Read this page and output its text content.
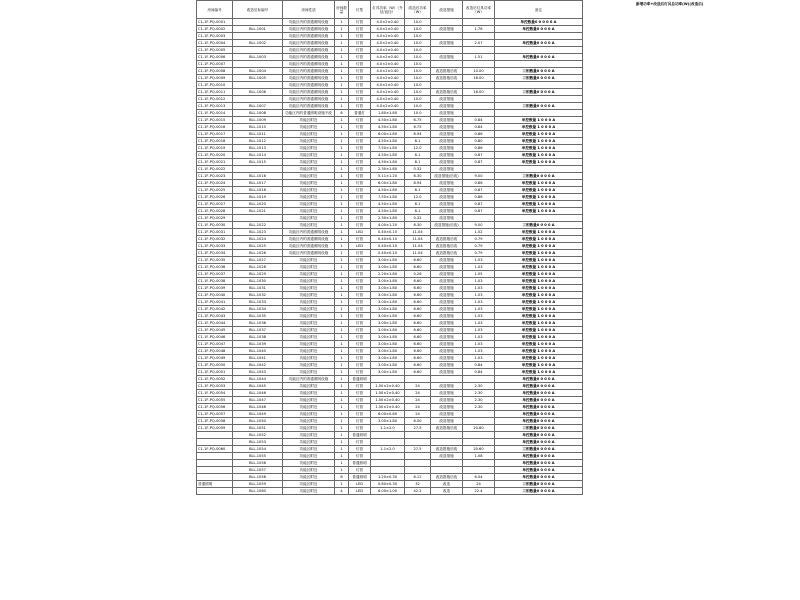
房间编号	改造后标编号	房间性质	房间数量	灯型	灯具功率（W）（外径/直径）	改造后功率（W）	改造措施	改造后灯具功率（W）	备注
C1-1F-PQ-0001		功能区内的普通照明设施	1	灯管	4.0×2×0.40	10.0			单控数量0 0 0 0 0 A
C1-1F-PQ-0002	BLL-1001	功能区内的普通照明设施	1	灯管	4.0×2×0.40	10.0	改造措施	1.76	单控数量0 0 0 0 A
C1-1F-PQ-0003		功能区内的普通照明设施	1	灯管	4.0×2×0.40	10.0			
C1-1F-PQ-0004	BLL-1002	功能区内的普通照明设施	1	灯管	4.0×2×0.40	10.0	改造措施	2.07	单控数量0 0 0 0 A
C1-1F-PQ-0005		功能区内的普通照明设施	1	灯管	4.0×2×0.40	10.0			
C1-1F-PQ-0006	BLL-1003	功能区内的普通照明设施	1	灯管	4.0×2×0.40	10.0	改造措施	1.51	单控数量0 0 0 0 A
C1-1F-PQ-0007		功能区内的普通照明设施	1	灯管	4.0×2×0.40	10.0			
C1-1F-PQ-0008	BLL-1004	功能区内的普通照明设施	1	灯管	4.0×2×0.40	10.0	改造措施后改	10.00	三相数量0 0 0 0 A
C1-1F-PQ-0009	BLL-1005	功能区内的普通照明设施	1	灯管	4.0×2×0.40	10.0	改造措施后改	18.00	三相数量0 0 0 0 A
C1-1F-PQ-0010		功能区内的普通照明设施	1	灯管	4.0×2×0.40	10.0			
C1-1F-PQ-0011	BLL-1006	功能区内的普通照明设施	1	灯管	4.0×2×0.40	10.0	改造措施后改	16.00	三相数量0 0 0 0 A
C1-1F-PQ-0012		功能区内的普通照明设施	1	灯管	4.0×2×0.40	10.0	改造措施		
C1-1F-PQ-0013	BLL-1007	功能区内的普通照明设施	1	灯管	4.0×2×0.40	10.0	改造措施		三相数量0 0 0 0 A
C1-1F-PQ-0014	BLL-1008	功能区内的普通照明设施不改	6	普通灯	1.80×1.80	10.0	改造措施		
C1-1F-PQ-0015	BLL-1009	功能区附近	1	灯管	4.50×1.80	6.75	改造措施	0.84	单控数量 1 0 0 0 A
C1-1F-PQ-0016	BLL-1010	功能区附近	1	灯管	4.50×1.80	6.75	改造措施	0.84	单控数量 1 0 0 0 A
C1-1F-PQ-0017	BLL-1011	功能区附近	1	灯管	6.00×1.80	8.94	改造措施	0.86	单控数量 1 0 0 0 A
C1-1F-PQ-0018	BLL-1012	功能区附近	1	灯管	4.50×1.80	8.1	改造措施	0.80	单控数量 1 0 0 0 A
C1-1F-PQ-0019	BLL-1013	功能区附近	1	灯管	7.50×1.80	12.0	改造措施	0.86	单控数量 1 0 0 0 A
C1-1F-PQ-0020	BLL-1014	功能区附近	1	灯管	4.50×1.80	8.1	改造措施	0.87	单控数量 1 0 0 0 A
C1-1F-PQ-0021	BLL-1015	功能区附近	1	灯管	4.50×1.80	8.1	改造措施	0.87	单控数量 1 0 0 0 A
C1-1F-PQ-0022		功能区附近	1	灯管	2.30×1.80	0.32	改造措施		
C1-1F-PQ-0023	BLL-1016	功能区附近	1	灯管	5.11×1.20	6.30	改造措施(后改)	9.00	三相数量0 0 0 0 A
C1-1F-PQ-0024	BLL-1017	功能区附近	1	灯管	6.00×1.80	8.94	改造措施	0.86	单控数量 1 0 0 0 A
C1-1F-PQ-0025	BLL-1018	功能区附近	1	灯管	4.50×1.80	8.1	改造措施	0.87	单控数量 1 0 0 0 A
C1-1F-PQ-0026	BLL-1019	功能区附近	1	灯管	7.50×1.80	12.0	改造措施	0.86	单控数量 1 0 0 0 A
C1-1F-PQ-0027	BLL-1020	功能区附近	1	灯管	4.50×1.80	8.1	改造措施	0.87	单控数量 1 0 0 0 A
C1-1F-PQ-0028	BLL-1021	功能区附近	1	灯管	4.50×1.80	8.1	改造措施	0.87	单控数量 1 0 0 0 A
C1-1F-PQ-0029		功能区附近	1	灯管	2.30×1.80	0.32	改造措施		
C1-1F-PQ-0030	BLL-1022	功能区附近	1	灯管	4.00×1.20	6.30	改造措施(后改)	9.00	三相数量0 0 0 0 A
C1-1F-PQ-0031	BLL-1023	功能区内的普通照明设施	1	LED	0.40×0.10	11.04		1.02	单控数量 1 0 0 0 A
C1-1F-PQ-0032	BLL-1024	功能区内的普通照明设施	1	灯管	0.40×0.10	11.04	改造措施后改	0.79	单控数量 1 0 0 0 A
C1-1F-PQ-0033	BLL-1025	功能区内的普通照明设施	1	LED	0.40×0.10	11.04	改造措施后改	0.79	单控数量 1 0 0 0 A
C1-1F-PQ-0034	BLL-1026	功能区内的普通照明设施	1	灯管	0.40×0.10	11.04	改造措施后改	0.79	单控数量 1 0 0 0 A
C1-1F-PQ-0035	BLL-1027	功能区附近	1	灯管	3.00×1.80	6.60	改造措施	1.03	单控数量 1 0 0 0 A
C1-1F-PQ-0036	BLL-1028	功能区附近	1	灯管	3.00×1.80	6.60	改造措施	1.03	单控数量 1 0 0 0 A
C1-1F-PQ-0037	BLL-1029	功能区附近	1	灯管	2.20×1.80	0.26	改造措施	1.05	单控数量 1 0 0 0 A
C1-1F-PQ-0038	BLL-1030	功能区附近	1	灯管	3.00×1.80	6.60	改造措施	1.03	单控数量 1 0 0 0 A
C1-1F-PQ-0039	BLL-1031	功能区附近	1	灯管	3.00×1.80	6.60	改造措施	1.03	单控数量 1 0 0 0 A
C1-1F-PQ-0040	BLL-1032	功能区附近	1	灯管	3.00×1.80	6.60	改造措施	1.03	单控数量 1 0 0 0 A
C1-1F-PQ-0041	BLL-1033	功能区附近	1	灯管	3.00×1.80	6.60	改造措施	1.03	单控数量 1 0 0 0 A
C1-1F-PQ-0042	BLL-1034	功能区附近	1	灯管	3.00×1.80	6.60	改造措施	1.03	单控数量 1 0 0 0 A
C1-1F-PQ-0043	BLL-1035	功能区附近	1	灯管	3.00×1.80	6.60	改造措施	1.03	单控数量 1 0 0 0 A
C1-1F-PQ-0044	BLL-1036	功能区附近	1	灯管	3.00×1.80	6.60	改造措施	1.03	单控数量 1 0 0 0 A
C1-1F-PQ-0045	BLL-1037	功能区附近	1	灯管	3.00×1.80	6.60	改造措施	1.03	单控数量 1 0 0 0 A
C1-1F-PQ-0046	BLL-1038	功能区附近	1	灯管	3.00×1.80	6.60	改造措施	1.03	单控数量 1 0 0 0 A
C1-1F-PQ-0047	BLL-1039	功能区附近	1	灯管	3.00×1.80	6.60	改造措施	1.03	单控数量 1 0 0 0 A
C1-1F-PQ-0048	BLL-1040	功能区附近	1	灯管	3.00×1.80	6.60	改造措施	1.03	单控数量 1 0 0 0 A
C1-1F-PQ-0049	BLL-1041	功能区附近	1	灯管	3.00×1.80	6.60	改造措施	1.03	单控数量 1 0 0 0 A
C1-1F-PQ-0050	BLL-1042	功能区附近	1	灯管	3.00×1.80	6.60	改造措施	0.84	单控数量 1 0 0 0 A
C1-1F-PQ-0051	BLL-1043	功能区附近	1	灯管	3.00×1.80	6.60	改造措施	0.84	单控数量 1 0 0 0 A
C1-1F-PQ-0052	BLL-1044	功能区内的普通照明设施	1	普通照明					单控数量0 0 0 0 A
C1-1F-PQ-0053	BLL-1045	功能区附近	1	灯管	1.50×2×0.40	24	改造措施	2.30	单控数量0 0 0 0 A
C1-1F-PQ-0054	BLL-1046	功能区附近	1	灯管	1.50×2×0.40	24	改造措施	2.30	单控数量0 0 0 0 A
C1-1F-PQ-0055	BLL-1047	功能区附近	1	灯管	1.50×2×0.40	24	改造措施	2.30	单控数量0 0 0 0 A
C1-1F-PQ-0056	BLL-1048	功能区附近	1	灯管	1.50×2×0.40	24	改造措施	2.30	单控数量0 0 0 0 A
C1-1F-PQ-0057	BLL-1049	功能区附近	1	灯管	6.00×0.60	24	改造措施		单控数量0 0 0 0 A
C1-1F-PQ-0058	BLL-1050	功能区附近	1	灯管	3.00×1.80	6.50	改造措施		单控数量0 0 0 0 A
C1-1F-PQ-0059	BLL-1051	功能区附近	1	灯管	1.1×2.0	27.5	改造措施后改	20.60	三相数量0 0 0 0 A
	BLL-1052	功能区附近	1	普通照明					单控数量0 0 0 0 A
	BLL-1053	功能区附近	1	灯管					单控数量0 0 0 0 A
C1-1F-PQ-0060	BLL-1054	功能区附近	1	灯管	1.1×2.0	27.5	改造措施后改	20.60	三相数量0 0 0 0 A
	BLL-1055	功能区附近	1	灯管			改造措施	1.08	单控数量0 0 0 0 A
	BLL-1056	功能区附近	1	普通照明					单控数量0 0 0 0 A
	BLL-1057	功能区附近	1	灯管					单控数量0 0 0 0 A
	BLL-1058	功能区附近	8	普通照明	1.20×0.30	6.12	改造措施后改	6.04	单控数量0 0 0 0 A
普通照明	BLL-1059	功能区附近	1	LED	0.60×0.30	32	改造	24	三相数量0 0 0 0 A
	BLL-1060	功能区附近	4	LED	6.00×1.00	42.2	改造	22.4	三相数量0 0 0 0 A
新增功率+改造后灯具总功率(W)(改造后)
